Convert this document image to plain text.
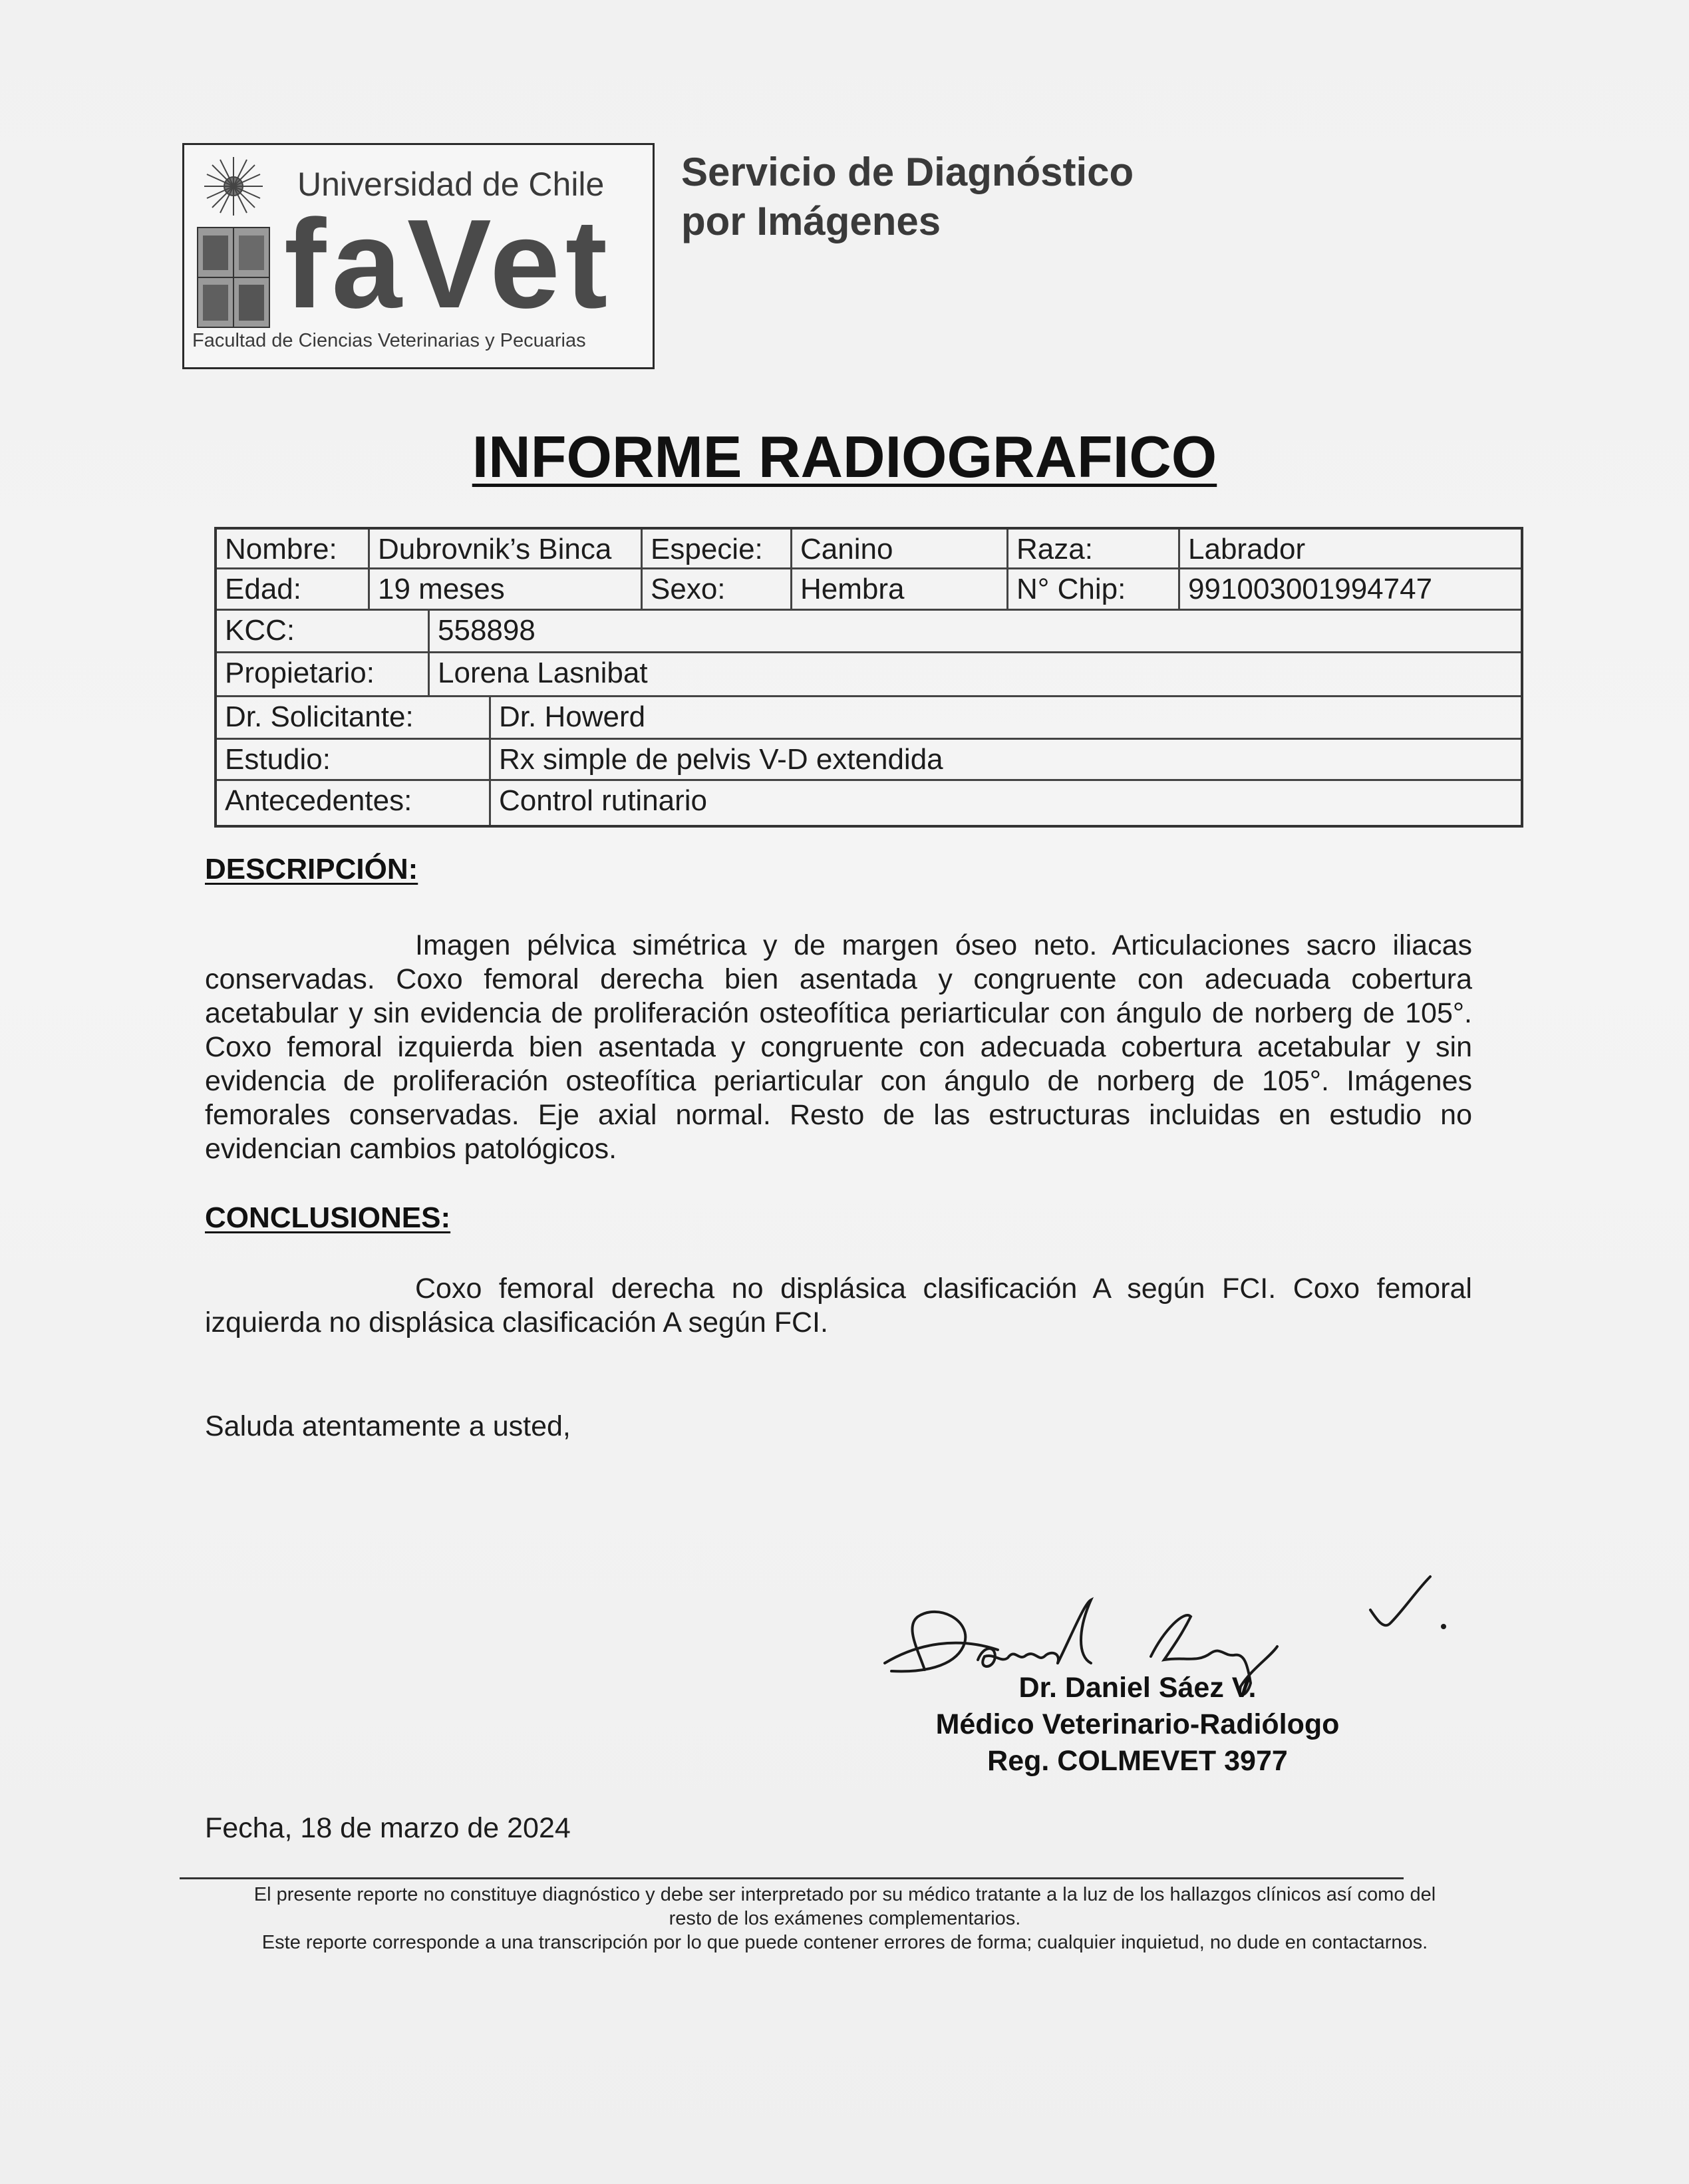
Universidad de Chile
faVet
Facultad de Ciencias Veterinarias y Pecuarias
Servicio de Diagnóstico
por Imágenes
INFORME RADIOGRAFICO
Nombre:	Dubrovnik’s Binca	Especie:	Canino	Raza:	Labrador
Edad:	19 meses	Sexo:	Hembra	N° Chip:	991003001994747
KCC:	558898
Propietario:	Lorena Lasnibat
Dr. Solicitante:	Dr. Howerd
Estudio:	Rx simple de pelvis V-D extendida
Antecedentes:	Control rutinario
DESCRIPCIÓN:
Imagen pélvica simétrica y de margen óseo neto. Articulaciones sacro iliacas conservadas. Coxo femoral derecha bien asentada y congruente con adecuada cobertura acetabular y sin evidencia de proliferación osteofítica periarticular con ángulo de norberg de 105°. Coxo femoral izquierda bien asentada y congruente con adecuada cobertura acetabular y sin evidencia de proliferación osteofítica periarticular con ángulo de norberg de 105°. Imágenes femorales conservadas. Eje axial normal. Resto de las estructuras incluidas en estudio no evidencian cambios patológicos.
CONCLUSIONES:
Coxo femoral derecha no displásica clasificación A según FCI. Coxo femoral izquierda no displásica clasificación A según FCI.
Saluda atentamente a usted,
Dr. Daniel Sáez V.
Médico Veterinario-Radiólogo
Reg. COLMEVET 3977
Fecha, 18 de marzo de 2024
El presente reporte no constituye diagnóstico y debe ser interpretado por su médico tratante a la luz de los hallazgos clínicos así como del
resto de los exámenes complementarios.
Este reporte corresponde a una transcripción por lo que puede contener errores de forma; cualquier inquietud, no dude en contactarnos.
